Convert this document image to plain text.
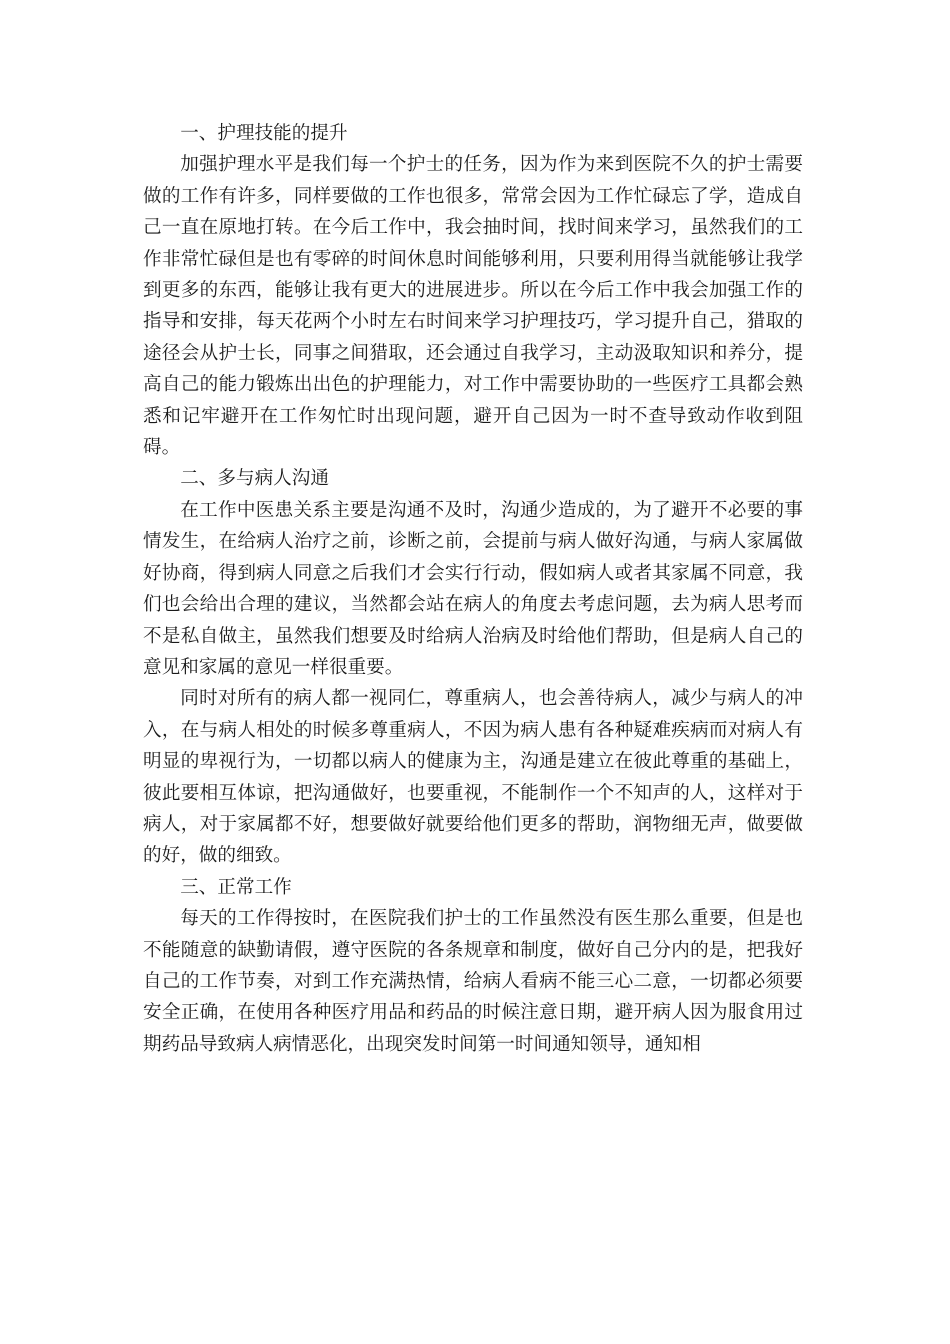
一、护理技能的提升

加强护理水平是我们每一个护士的任务，因为作为来到医院不久的护士需要做的工作有许多，同样要做的工作也很多，常常会因为工作忙碌忘了学，造成自己一直在原地打转。在今后工作中，我会抽时间，找时间来学习，虽然我们的工作非常忙碌但是也有零碎的时间休息时间能够利用，只要利用得当就能够让我学到更多的东西，能够让我有更大的进展进步。所以在今后工作中我会加强工作的指导和安排，每天花两个小时左右时间来学习护理技巧，学习提升自己，猎取的途径会从护士长，同事之间猎取，还会通过自我学习，主动汲取知识和养分，提高自己的能力锻炼出出色的护理能力，对工作中需要协助的一些医疗工具都会熟悉和记牢避开在工作匆忙时出现问题，避开自己因为一时不查导致动作收到阻碍。

二、多与病人沟通

在工作中医患关系主要是沟通不及时，沟通少造成的，为了避开不必要的事情发生，在给病人治疗之前，诊断之前，会提前与病人做好沟通，与病人家属做好协商，得到病人同意之后我们才会实行行动，假如病人或者其家属不同意，我们也会给出合理的建议，当然都会站在病人的角度去考虑问题，去为病人思考而不是私自做主，虽然我们想要及时给病人治病及时给他们帮助，但是病人自己的意见和家属的意见一样很重要。

同时对所有的病人都一视同仁，尊重病人，也会善待病人，减少与病人的冲入，在与病人相处的时候多尊重病人，不因为病人患有各种疑难疾病而对病人有明显的卑视行为，一切都以病人的健康为主，沟通是建立在彼此尊重的基础上，彼此要相互体谅，把沟通做好，也要重视，不能制作一个不知声的人，这样对于病人，对于家属都不好，想要做好就要给他们更多的帮助，润物细无声，做要做的好，做的细致。

三、正常工作

每天的工作得按时，在医院我们护士的工作虽然没有医生那么重要，但是也不能随意的缺勤请假，遵守医院的各条规章和制度，做好自己分内的是，把我好自己的工作节奏，对到工作充满热情，给病人看病不能三心二意，一切都必须要安全正确，在使用各种医疗用品和药品的时候注意日期，避开病人因为服食用过期药品导致病人病情恶化，出现突发时间第一时间通知领导，通知相
